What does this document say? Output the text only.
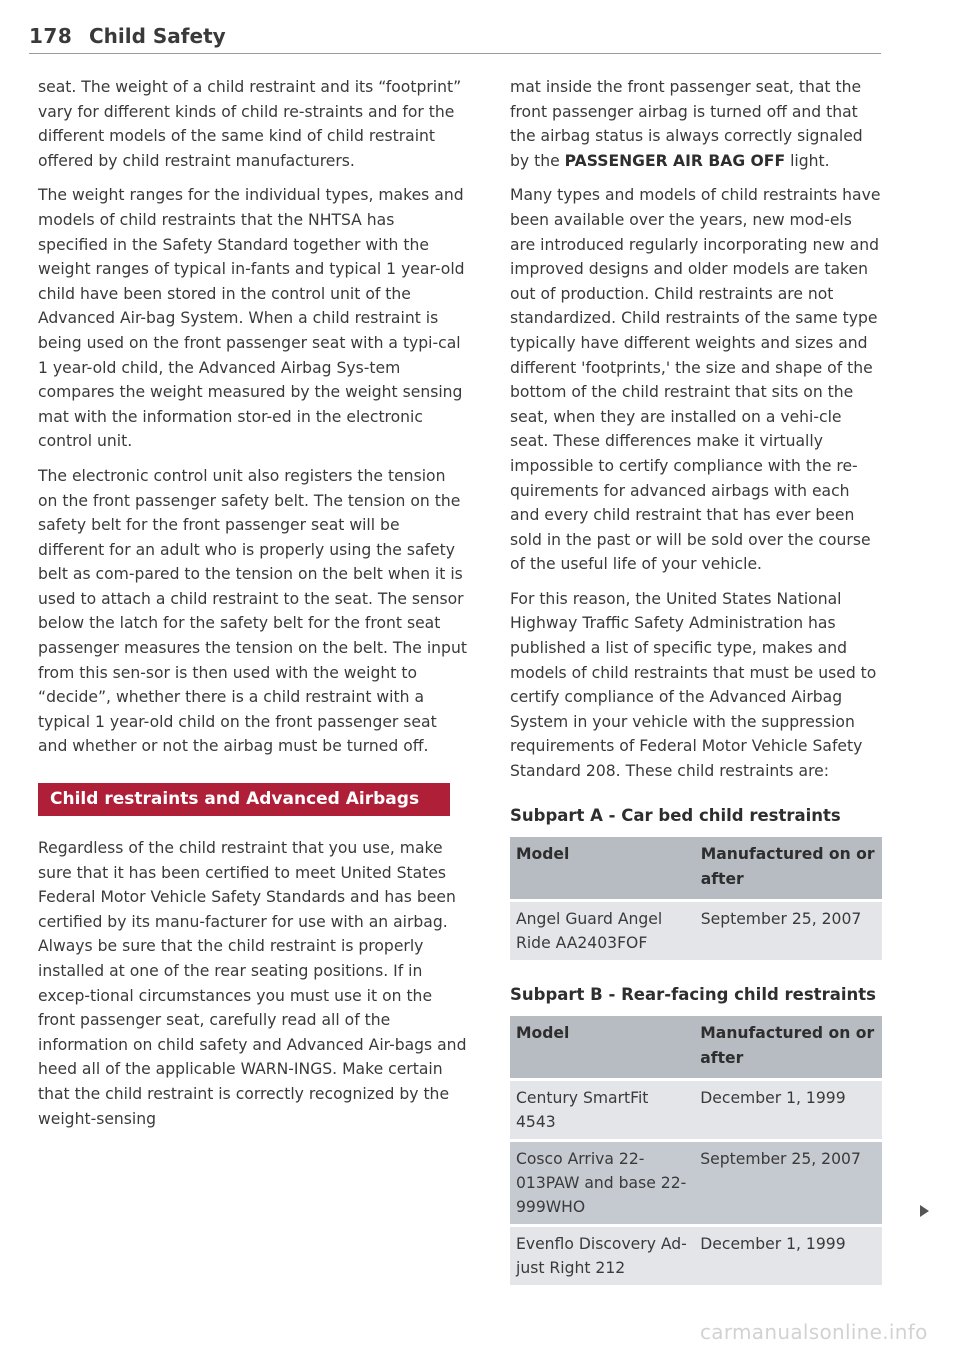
178 Child Safety

seat. The weight of a child restraint and its “footprint” vary for different kinds of child re-straints and for the different models of the same kind of child restraint offered by child restraint manufacturers.

The weight ranges for the individual types, makes and models of child restraints that the NHTSA has specified in the Safety Standard together with the weight ranges of typical in-fants and typical 1 year-old child have been stored in the control unit of the Advanced Air-bag System. When a child restraint is being used on the front passenger seat with a typi-cal 1 year-old child, the Advanced Airbag Sys-tem compares the weight measured by the weight sensing mat with the information stor-ed in the electronic control unit.

The electronic control unit also registers the tension on the front passenger safety belt. The tension on the safety belt for the front passenger seat will be different for an adult who is properly using the safety belt as com-pared to the tension on the belt when it is used to attach a child restraint to the seat. The sensor below the latch for the safety belt for the front seat passenger measures the tension on the belt. The input from this sen-sor is then used with the weight to “decide”, whether there is a child restraint with a typical 1 year-old child on the front passenger seat and whether or not the airbag must be turned off.

Child restraints and Advanced Airbags

Regardless of the child restraint that you use, make sure that it has been certified to meet United States Federal Motor Vehicle Safety Standards and has been certified by its manu-facturer for use with an airbag. Always be sure that the child restraint is properly installed at one of the rear seating positions. If in excep-tional circumstances you must use it on the front passenger seat, carefully read all of the information on child safety and Advanced Air-bags and heed all of the applicable WARN-INGS. Make certain that the child restraint is correctly recognized by the weight-sensing

mat inside the front passenger seat, that the front passenger airbag is turned off and that the airbag status is always correctly signaled by the PASSENGER AIR BAG OFF light.

Many types and models of child restraints have been available over the years, new mod-els are introduced regularly incorporating new and improved designs and older models are taken out of production. Child restraints are not standardized. Child restraints of the same type typically have different weights and sizes and different 'footprints,' the size and shape of the bottom of the child restraint that sits on the seat, when they are installed on a vehi-cle seat. These differences make it virtually impossible to certify compliance with the re-quirements for advanced airbags with each and every child restraint that has ever been sold in the past or will be sold over the course of the useful life of your vehicle.

For this reason, the United States National Highway Traffic Safety Administration has published a list of specific type, makes and models of child restraints that must be used to certify compliance of the Advanced Airbag System in your vehicle with the suppression requirements of Federal Motor Vehicle Safety Standard 208. These child restraints are:

Subpart A - Car bed child restraints
Model	Manufactured on or after
Angel Guard Angel Ride AA2403FOF	September 25, 2007
Subpart B - Rear-facing child restraints
Model	Manufactured on or after
Century SmartFit 4543	December 1, 1999
Cosco Arriva 22-013PAW and base 22-999WHO	September 25, 2007
Evenflo Discovery Ad-just Right 212	December 1, 1999
carmanualsonline.info
